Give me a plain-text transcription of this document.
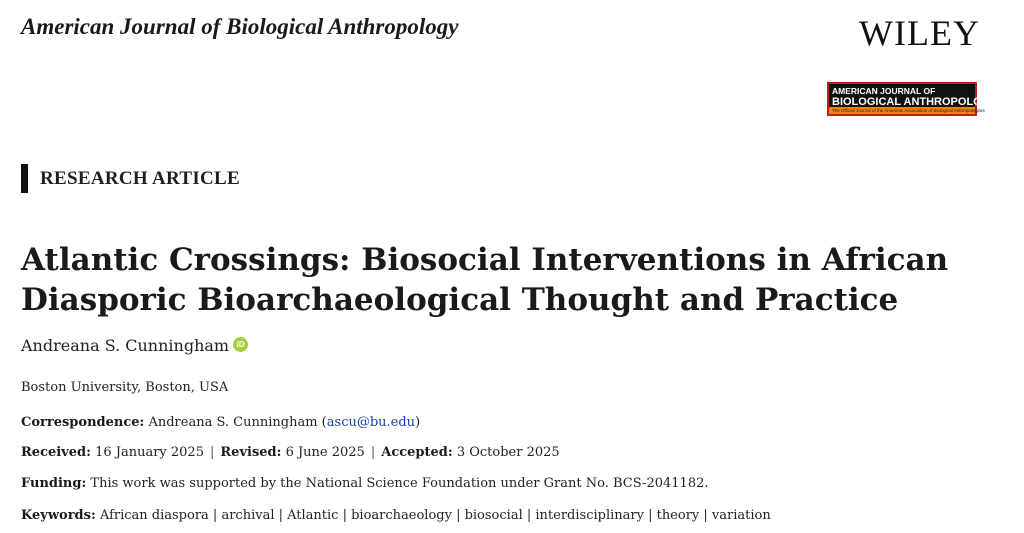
American Journal of Biological Anthropology	WILEY
AMERICAN JOURNAL OF
BIOLOGICAL ANTHROPOLOGY
The Official Journal of the American Association of Biological Anthropologists
RESEARCH ARTICLE
Atlantic Crossings: Biosocial Interventions in African Diasporic Bioarchaeological Thought and Practice
Andreana S. Cunningham iD
Boston University, Boston, USA
Correspondence: Andreana S. Cunningham (ascu@bu.edu)
Received: 16 January 2025 | Revised: 6 June 2025 | Accepted: 3 October 2025
Funding: This work was supported by the National Science Foundation under Grant No. BCS-2041182.
Keywords: African diaspora | archival | Atlantic | bioarchaeology | biosocial | interdisciplinary | theory | variation
